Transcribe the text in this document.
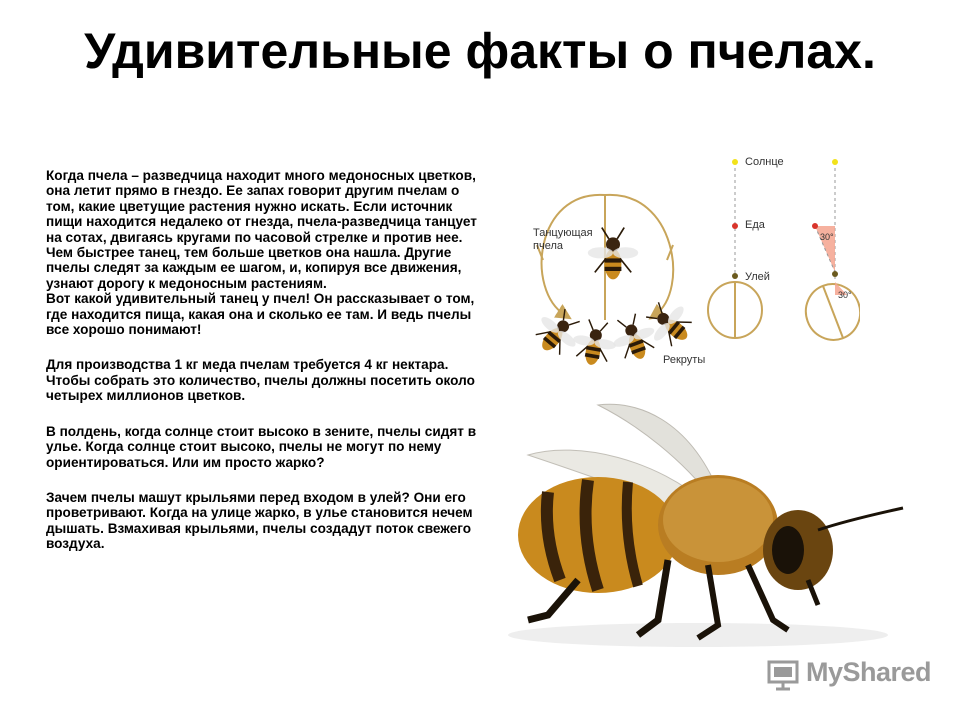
Удивительные факты о пчелах.

Когда пчела – разведчица находит много медоносных цветков, она летит прямо в гнездо. Ее запах говорит другим пчелам о том, какие цветущие растения нужно искать. Если источник пищи находится недалеко от гнезда, пчела-разведчица танцует на сотах, двигаясь кругами по часовой стрелке и против нее. Чем быстрее танец, тем больше цветков она нашла. Другие пчелы следят за каждым ее шагом, и, копируя все движения, узнают дорогу к медоносным растениям.

Вот какой удивительный танец у пчел! Он рассказывает о том, где находится пища, какая она и сколько ее там. И ведь пчелы все хорошо понимают!

Для производства 1 кг меда пчелам требуется 4 кг нектара. Чтобы собрать это количество, пчелы должны посетить около четырех миллионов цветков.

В полдень, когда солнце стоит высоко в зените, пчелы сидят в улье. Когда солнце стоит высоко, пчелы не могут по нему ориентироваться. Или им просто жарко?

Зачем пчелы машут крыльями перед входом в улей? Они его проветривают. Когда на улице жарко, в улье становится нечем дышать. Взмахивая крыльями, пчелы создадут поток свежего воздуха.

Танцующая
пчела
Рекруты
Солнце
Еда
Улей
30°
30°
MyShared
